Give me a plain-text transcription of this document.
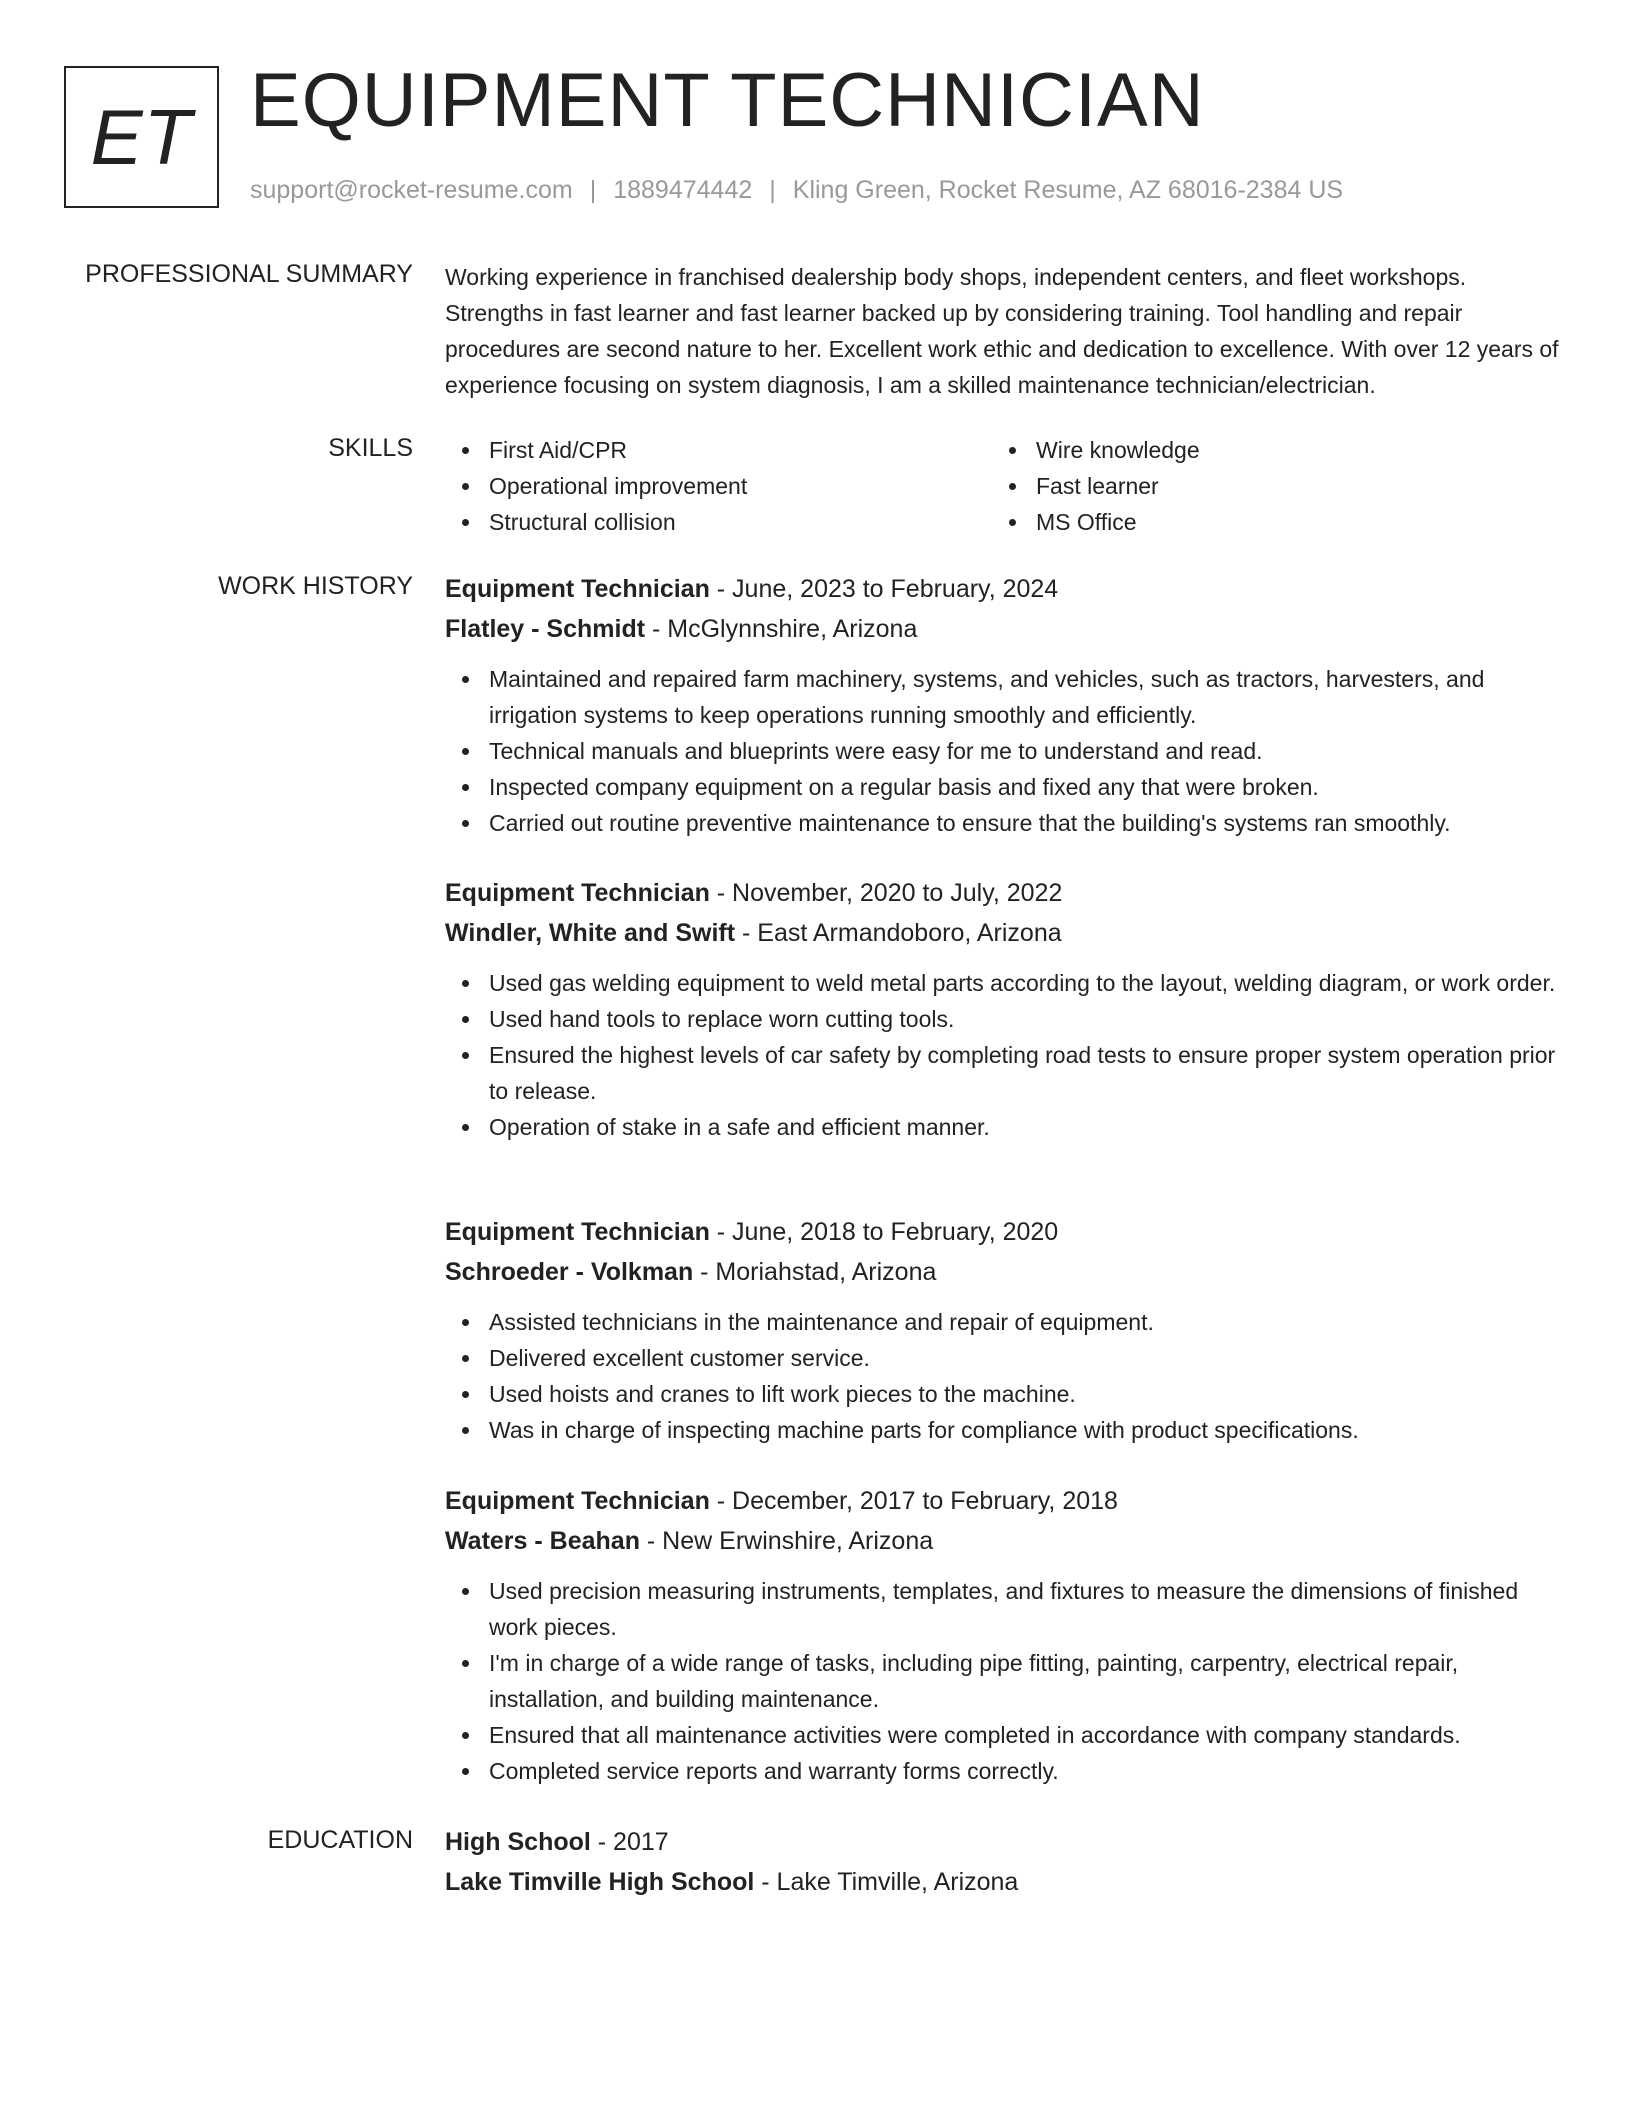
ET EQUIPMENT TECHNICIAN
support@rocket-resume.com | 1889474442 | Kling Green, Rocket Resume, AZ 68016-2384 US
PROFESSIONAL SUMMARY Working experience in franchised dealership body shops, independent centers, and fleet workshops. Strengths in fast learner and fast learner backed up by considering training. Tool handling and repair procedures are second nature to her. Excellent work ethic and dedication to excellence. With over 12 years of experience focusing on system diagnosis, I am a skilled maintenance technician/electrician.
SKILLS	First Aid/CPR
Operational improvement
Structural collision
Wire knowledge
Fast learner
MS Office
WORK HISTORY Equipment Technician - June, 2023 to February, 2024
Flatley - Schmidt - McGlynnshire, Arizona
Maintained and repaired farm machinery, systems, and vehicles, such as tractors, harvesters, and irrigation systems to keep operations running smoothly and efficiently.
Technical manuals and blueprints were easy for me to understand and read.
Inspected company equipment on a regular basis and fixed any that were broken.
Carried out routine preventive maintenance to ensure that the building's systems ran smoothly.
Equipment Technician - November, 2020 to July, 2022
Windler, White and Swift - East Armandoboro, Arizona
Used gas welding equipment to weld metal parts according to the layout, welding diagram, or work order.
Used hand tools to replace worn cutting tools.
Ensured the highest levels of car safety by completing road tests to ensure proper system operation prior to release.
Operation of stake in a safe and efficient manner.
Equipment Technician - June, 2018 to February, 2020
Schroeder - Volkman - Moriahstad, Arizona
Assisted technicians in the maintenance and repair of equipment.
Delivered excellent customer service.
Used hoists and cranes to lift work pieces to the machine.
Was in charge of inspecting machine parts for compliance with product specifications.
Equipment Technician - December, 2017 to February, 2018
Waters - Beahan - New Erwinshire, Arizona
Used precision measuring instruments, templates, and fixtures to measure the dimensions of finished work pieces.
I'm in charge of a wide range of tasks, including pipe fitting, painting, carpentry, electrical repair, installation, and building maintenance.
Ensured that all maintenance activities were completed in accordance with company standards.
Completed service reports and warranty forms correctly.
EDUCATION High School - 2017
Lake Timville High School - Lake Timville, Arizona
